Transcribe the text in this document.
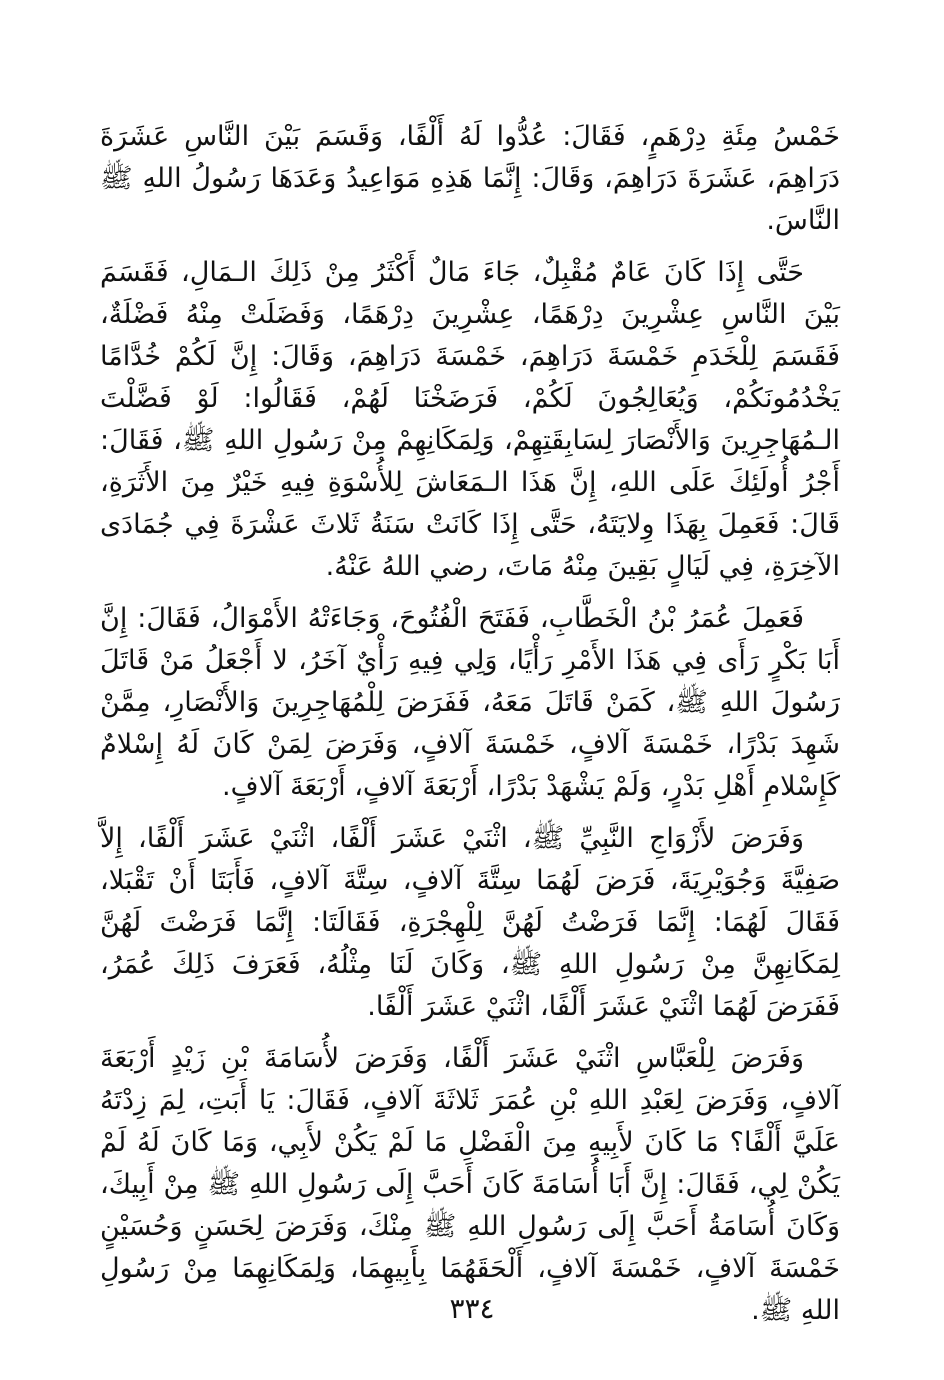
خَمْسُ مِئَةِ دِرْهَمٍ، فَقَالَ: عُدُّوا لَهُ أَلْفًا، وَقَسَمَ بَيْنَ النَّاسِ عَشَرَةَ دَرَاهِمَ، عَشَرَةَ دَرَاهِمَ، وَقَالَ: إِنَّمَا هَذِهِ مَوَاعِيدُ وَعَدَهَا رَسُولُ اللهِ ﷺ النَّاسَ.

حَتَّى إِذَا كَانَ عَامٌ مُقْبِلٌ، جَاءَ مَالٌ أَكْثَرُ مِنْ ذَلِكَ الـمَالِ، فَقَسَمَ بَيْنَ النَّاسِ عِشْرِينَ دِرْهَمًا، عِشْرِينَ دِرْهَمًا، وَفَضَلَتْ مِنْهُ فَضْلَةٌ، فَقَسَمَ لِلْخَدَمِ خَمْسَةَ دَرَاهِمَ، خَمْسَةَ دَرَاهِمَ، وَقَالَ: إِنَّ لَكُمْ خُدَّامًا يَخْدُمُونَكُمْ، وَيُعَالِجُونَ لَكُمْ، فَرَضَخْنَا لَهُمْ، فَقَالُوا: لَوْ فَضَّلْتَ الـمُهَاجِرِينَ وَالأَنْصَارَ لِسَابِقَتِهِمْ، وَلِمَكَانِهِمْ مِنْ رَسُولِ اللهِ ﷺ، فَقَالَ: أَجْرُ أُولَئِكَ عَلَى اللهِ، إِنَّ هَذَا الـمَعَاشَ لِلأُسْوَةِ فِيهِ خَيْرٌ مِنَ الأَثَرَةِ، قَالَ: فَعَمِلَ بِهَذَا وِلايَتَهُ، حَتَّى إِذَا كَانَتْ سَنَةُ ثَلاثَ عَشْرَةَ فِي جُمَادَى الآخِرَةِ، فِي لَيَالٍ بَقِينَ مِنْهُ مَاتَ، رضي اللهُ عَنْهُ.

فَعَمِلَ عُمَرُ بْنُ الْخَطَّابِ، فَفَتَحَ الْفُتُوحَ، وَجَاءَتْهُ الأَمْوَالُ، فَقَالَ: إِنَّ أَبَا بَكْرٍ رَأَى فِي هَذَا الأَمْرِ رَأْيًا، وَلِي فِيهِ رَأْيٌ آخَرُ، لا أَجْعَلُ مَنْ قَاتَلَ رَسُولَ اللهِ ﷺ، كَمَنْ قَاتَلَ مَعَهُ، فَفَرَضَ لِلْمُهَاجِرِينَ وَالأَنْصَارِ، مِمَّنْ شَهِدَ بَدْرًا، خَمْسَةَ آلافٍ، خَمْسَةَ آلافٍ، وَفَرَضَ لِمَنْ كَانَ لَهُ إِسْلامٌ كَإِسْلامِ أَهْلِ بَدْرٍ، وَلَمْ يَشْهَدْ بَدْرًا، أَرْبَعَةَ آلافٍ، أَرْبَعَةَ آلافٍ.

وَفَرَضَ لأَزْوَاجِ النَّبِيِّ ﷺ، اثْنَيْ عَشَرَ أَلْفًا، اثْنَيْ عَشَرَ أَلْفًا، إِلاَّ صَفِيَّةَ وَجُوَيْرِيَةَ، فَرَضَ لَهُمَا سِتَّةَ آلافٍ، سِتَّةَ آلافٍ، فَأَبَتَا أَنْ تَقْبَلا، فَقَالَ لَهُمَا: إِنَّمَا فَرَضْتُ لَهُنَّ لِلْهِجْرَةِ، فَقَالَتَا: إِنَّمَا فَرَضْتَ لَهُنَّ لِمَكَانِهِنَّ مِنْ رَسُولِ اللهِ ﷺ، وَكَانَ لَنَا مِثْلُهُ، فَعَرَفَ ذَلِكَ عُمَرُ، فَفَرَضَ لَهُمَا اثْنَيْ عَشَرَ أَلْفًا، اثْنَيْ عَشَرَ أَلْفًا.

وَفَرَضَ لِلْعَبَّاسِ اثْنَيْ عَشَرَ أَلْفًا، وَفَرَضَ لأُسَامَةَ بْنِ زَيْدٍ أَرْبَعَةَ آلافٍ، وَفَرَضَ لِعَبْدِ اللهِ بْنِ عُمَرَ ثَلاثَةَ آلافٍ، فَقَالَ: يَا أَبَتِ، لِمَ زِدْتَهُ عَلَيَّ أَلْفًا؟ مَا كَانَ لأَبِيهِ مِنَ الْفَضْلِ مَا لَمْ يَكُنْ لأَبِي، وَمَا كَانَ لَهُ لَمْ يَكُنْ لِي، فَقَالَ: إِنَّ أَبَا أُسَامَةَ كَانَ أَحَبَّ إِلَى رَسُولِ اللهِ ﷺ مِنْ أَبِيكَ، وَكَانَ أُسَامَةُ أَحَبَّ إِلَى رَسُولِ اللهِ ﷺ مِنْكَ، وَفَرَضَ لِحَسَنٍ وَحُسَيْنٍ خَمْسَةَ آلافٍ، خَمْسَةَ آلافٍ، أَلْحَقَهُمَا بِأَبِيهِمَا، وَلِمَكَانِهِمَا مِنْ رَسُولِ اللهِ ﷺ.

٣٣٤
